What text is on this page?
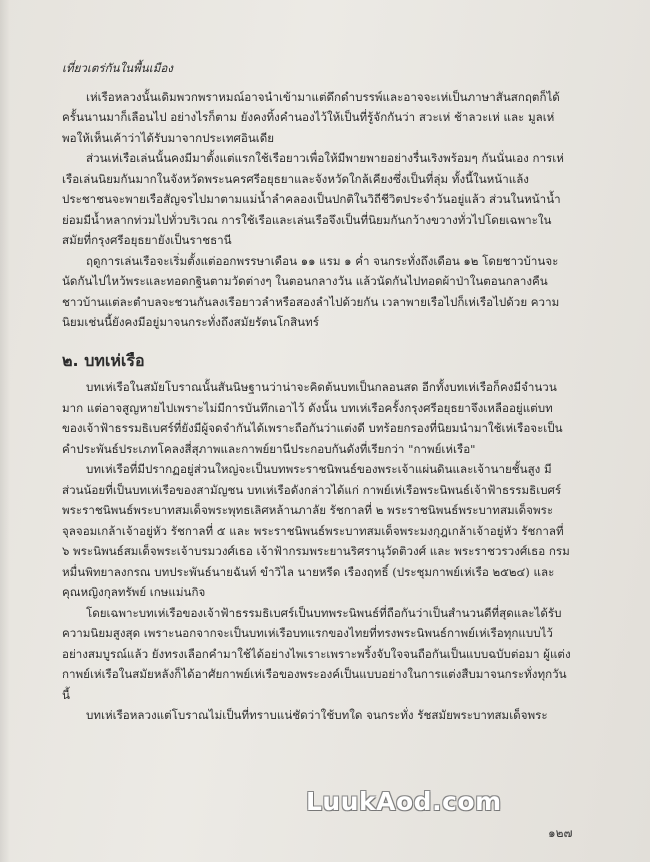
เที่ยวเตร่กันในพื้นเมือง

เห่เรือหลวงนั้นเดิมพวกพราหมณ์อาจนำเข้ามาแต่ดึกดำบรรพ์และอาจจะเห่เป็นภาษาสันสกฤตก็ได้ ครั้นนานมาก็เลือนไป อย่างไรก็ตาม ยังคงทิ้งคำนองไว้ให้เป็นที่รู้จักกันว่า สวะเห่ ช้าลวะเห่ และ มูลเห่ พอให้เห็นเค้าว่าได้รับมาจากประเทศอินเดีย

ส่วนเห่เรือเล่นนั้นคงมีมาตั้งแต่แรกใช้เรือยาวเพื่อให้มีพายพายอย่างรื่นเริงพร้อมๆ กันนั่นเอง การเห่เรือเล่นนิยมกันมากในจังหวัดพระนครศรีอยุธยาและจังหวัดใกล้เคียงซึ่งเป็นที่ลุ่ม ทั้งนี้ในหน้าแล้งประชาชนจะพายเรือสัญจรไปมาตามแม่น้ำลำคลองเป็นปกติในวิถีชีวิตประจำวันอยู่แล้ว ส่วนในหน้าน้ำย่อมมีน้ำหลากท่วมไปทั่วบริเวณ การใช้เรือและเล่นเรือจึงเป็นที่นิยมกันกว้างขวางทั่วไปโดยเฉพาะในสมัยที่กรุงศรีอยุธยายังเป็นราชธานี

ฤดูการเล่นเรือจะเริ่มตั้งแต่ออกพรรษาเดือน ๑๑ แรม ๑ ค่ำ จนกระทั่งถึงเดือน ๑๒ โดยชาวบ้านจะนัดกันไปไหว้พระและทอดกฐินตามวัดต่างๆ ในตอนกลางวัน แล้วนัดกันไปทอดผ้าป่าในตอนกลางคืน ชาวบ้านแต่ละตำบลจะชวนกันลงเรือยาวลำหรือสองลำไปด้วยกัน เวลาพายเรือไปก็เห่เรือไปด้วย ความนิยมเช่นนี้ยังคงมีอยู่มาจนกระทั่งถึงสมัยรัตนโกสินทร์

๒. บทเห่เรือ

บทเห่เรือในสมัยโบราณนั้นสันนิษฐานว่าน่าจะคิดต้นบทเป็นกลอนสด อีกทั้งบทเห่เรือก็คงมีจำนวนมาก แต่อาจสูญหายไปเพราะไม่มีการบันทึกเอาไว้ ดังนั้น บทเห่เรือครั้งกรุงศรีอยุธยาจึงเหลืออยู่แต่บทของเจ้าฟ้าธรรมธิเบศร์ที่ยังมีผู้จดจำกันได้เพราะถือกันว่าแต่งดี บทร้อยกรองที่นิยมนำมาใช้เห่เรือจะเป็นคำประพันธ์ประเภทโคลงสี่สุภาพและกาพย์ยานีประกอบกันดังที่เรียกว่า "กาพย์เห่เรือ"

บทเห่เรือที่มีปรากฏอยู่ส่วนใหญ่จะเป็นบทพระราชนิพนธ์ของพระเจ้าแผ่นดินและเจ้านายชั้นสูง มีส่วนน้อยที่เป็นบทเห่เรือของสามัญชน บทเห่เรือดังกล่าวได้แก่ กาพย์เห่เรือพระนิพนธ์เจ้าฟ้าธรรมธิเบศร์ พระราชนิพนธ์พระบาทสมเด็จพระพุทธเลิศหล้านภาลัย รัชกาลที่ ๒ พระราชนิพนธ์พระบาทสมเด็จพระจุลจอมเกล้าเจ้าอยู่หัว รัชกาลที่ ๕ และ พระราชนิพนธ์พระบาทสมเด็จพระมงกุฎเกล้าเจ้าอยู่หัว รัชกาลที่ ๖ พระนิพนธ์สมเด็จพระเจ้าบรมวงศ์เธอ เจ้าฟ้ากรมพระยานริศรานุวัดติวงศ์ และ พระราชวรวงศ์เธอ กรมหมื่นพิทยาลงกรณ บทประพันธ์นายฉันท์ ขำวิไล นายหรีด เรืองฤทธิ์ (ประชุมกาพย์เห่เรือ ๒๕๒๔) และ คุณหญิงกุลทรัพย์ เกษแม่นกิจ

โดยเฉพาะบทเห่เรือของเจ้าฟ้าธรรมธิเบศร์เป็นบทพระนิพนธ์ที่ถือกันว่าเป็นสำนวนดีที่สุดและได้รับความนิยมสูงสุด เพราะนอกจากจะเป็นบทเห่เรือบทแรกของไทยที่ทรงพระนิพนธ์กาพย์เห่เรือทุกแบบไว้อย่างสมบูรณ์แล้ว ยังทรงเลือกคำมาใช้ได้อย่างไพเราะเพราะพริ้งจับใจจนถือกันเป็นแบบฉบับต่อมา ผู้แต่งกาพย์เห่เรือในสมัยหลังก็ได้อาศัยกาพย์เห่เรือของพระองค์เป็นแบบอย่างในการแต่งสืบมาจนกระทั่งทุกวันนี้

บทเห่เรือหลวงแต่โบราณไม่เป็นที่ทราบแน่ชัดว่าใช้บทใด จนกระทั่ง รัชสมัยพระบาทสมเด็จพระ

LuukAod.com
๑๒๗
